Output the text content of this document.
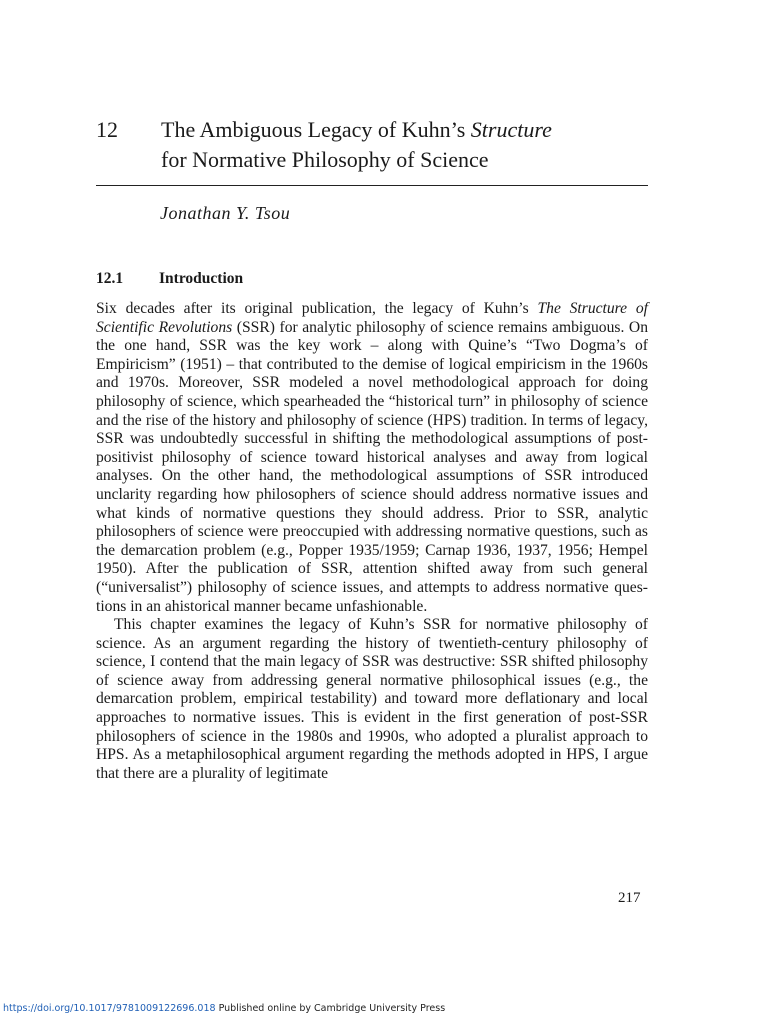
12 The Ambiguous Legacy of Kuhn’s Structure
for Normative Philosophy of Science
Jonathan Y. Tsou
12.1 Introduction

Six decades after its original publication, the legacy of Kuhn’s The Structure of Scientific Revolutions (SSR) for analytic philosophy of science remains ambiguous. On the one hand, SSR was the key work – along with Quine’s “Two Dogma’s of Empiricism” (1951) – that contributed to the demise of logical empiricism in the 1960s and 1970s. Moreover, SSR modeled a novel methodological approach for doing philosophy of science, which spearheaded the “historical turn” in philosophy of science and the rise of the history and philosophy of science (HPS) tradition. In terms of legacy, SSR was undoubtedly successful in shifting the methodological assumptions of post-positivist philosophy of science toward historical analyses and away from logical analyses. On the other hand, the methodological assumptions of SSR introduced unclarity regarding how philosophers of science should address normative issues and what kinds of normative questions they should address. Prior to SSR, analytic philosophers of science were preoccupied with addressing normative questions, such as the demarcation problem (e.g., Popper 1935/1959; Carnap 1936, 1937, 1956; Hempel 1950). After the publication of SSR, attention shifted away from such general (“universalist”) philosophy of science issues, and attempts to address normative questions in an ahistorical manner became unfashionable.

This chapter examines the legacy of Kuhn’s SSR for normative philosophy of science. As an argument regarding the history of twentieth-century philosophy of science, I contend that the main legacy of SSR was destructive: SSR shifted philosophy of science away from addressing general normative philosophical issues (e.g., the demarcation problem, empirical testability) and toward more deflationary and local approaches to normative issues. This is evident in the first generation of post-SSR philosophers of science in the 1980s and 1990s, who adopted a pluralist approach to HPS. As a metaphilosophical argument regarding the methods adopted in HPS, I argue that there are a plurality of legitimate

217
https://doi.org/10.1017/9781009122696.018 Published online by Cambridge University Press
